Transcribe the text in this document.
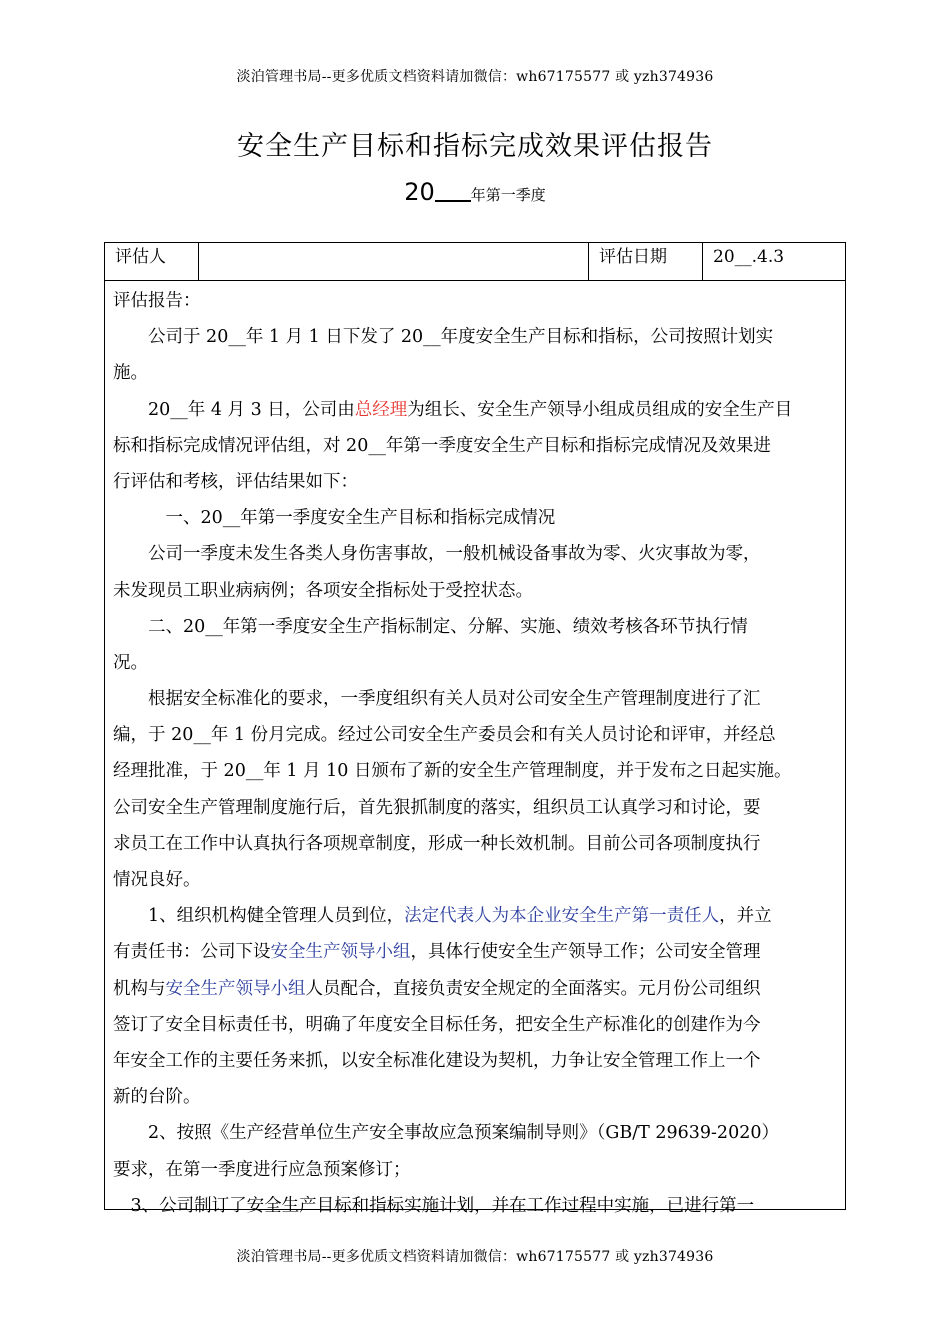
淡泊管理书局--更多优质文档资料请加微信：wh67175577 或 yzh374936
安全生产目标和指标完成效果评估报告
20 年第一季度
评估人	评估日期	20__.4.3
评估报告：
　　公司于 20__年 1 月 1 日下发了 20__年度安全生产目标和指标，公司按照计划实
施。
　　20__年 4 月 3 日，公司由总经理为组长、安全生产领导小组成员组成的安全生产目
标和指标完成情况评估组，对 20__年第一季度安全生产目标和指标完成情况及效果进
行评估和考核，评估结果如下：
　　　一、20__年第一季度安全生产目标和指标完成情况
　　公司一季度未发生各类人身伤害事故，一般机械设备事故为零、火灾事故为零，
未发现员工职业病病例；各项安全指标处于受控状态。
　　二、20__年第一季度安全生产指标制定、分解、实施、绩效考核各环节执行情
况。
　　根据安全标准化的要求，一季度组织有关人员对公司安全生产管理制度进行了汇
编，于 20__年 1 份月完成。经过公司安全生产委员会和有关人员讨论和评审，并经总
经理批准，于 20__年 1 月 10 日颁布了新的安全生产管理制度，并于发布之日起实施。
公司安全生产管理制度施行后，首先狠抓制度的落实，组织员工认真学习和讨论，要
求员工在工作中认真执行各项规章制度，形成一种长效机制。目前公司各项制度执行
情况良好。
　　1、组织机构健全管理人员到位，法定代表人为本企业安全生产第一责任人，并立
有责任书：公司下设安全生产领导小组，具体行使安全生产领导工作；公司安全管理
机构与安全生产领导小组人员配合，直接负责安全规定的全面落实。元月份公司组织
签订了安全目标责任书，明确了年度安全目标任务，把安全生产标准化的创建作为今
年安全工作的主要任务来抓，以安全标准化建设为契机，力争让安全管理工作上一个
新的台阶。
　　2、按照《生产经营单位生产安全事故应急预案编制导则》（GB/T 29639-2020）
要求，在第一季度进行应急预案修订；
　3、公司制订了安全生产目标和指标实施计划，并在工作过程中实施，已进行第一
淡泊管理书局--更多优质文档资料请加微信：wh67175577 或 yzh374936
